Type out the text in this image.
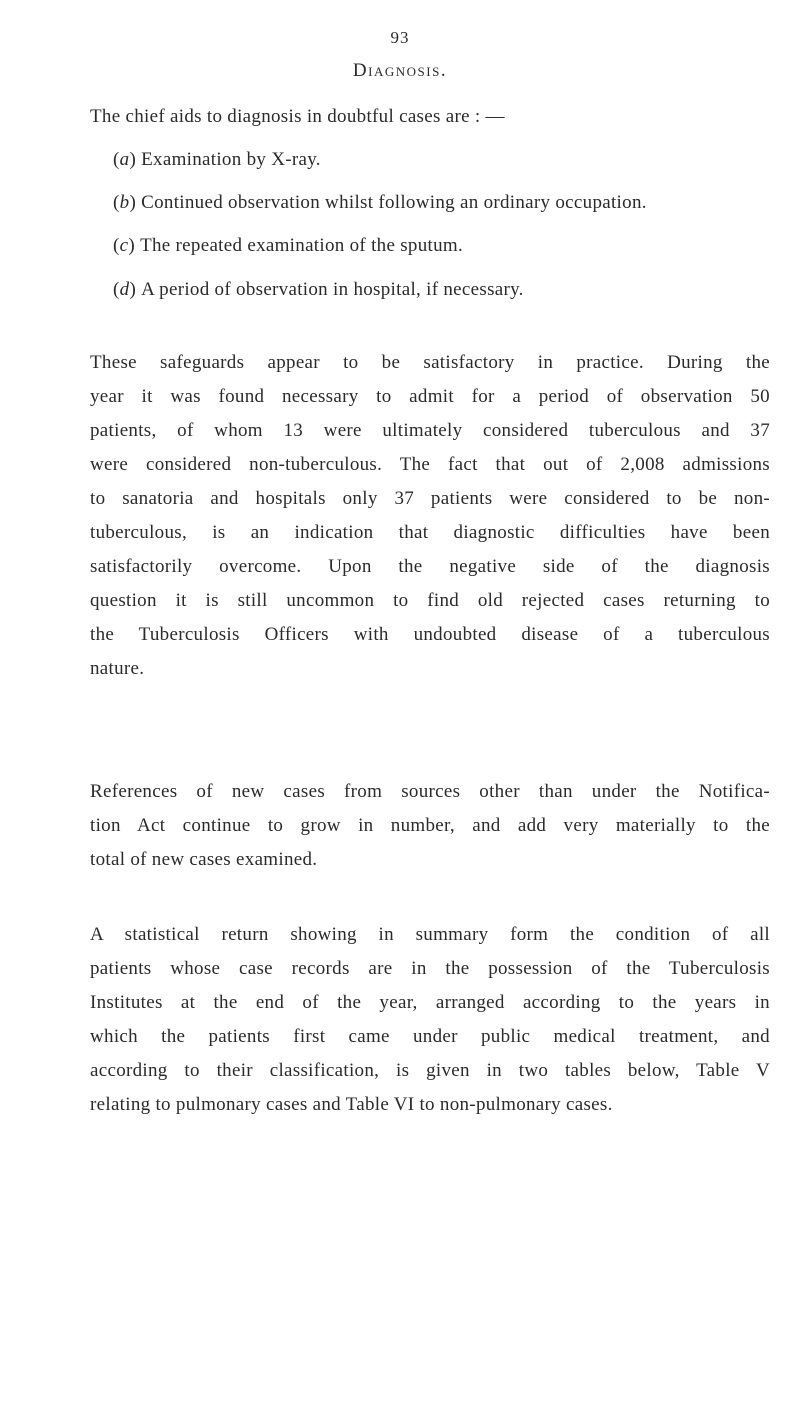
93
Diagnosis.
The chief aids to diagnosis in doubtful cases are : —
(a) Examination by X-ray.
(b) Continued observation whilst following an ordinary occupation.
(c) The repeated examination of the sputum.
(d) A period of observation in hospital, if necessary.
These safeguards appear to be satisfactory in practice. During the
year it was found necessary to admit for a period of observation 50
patients, of whom 13 were ultimately considered tuberculous and 37
were considered non-tuberculous. The fact that out of 2,008 admissions
to sanatoria and hospitals only 37 patients were considered to be non-
tuberculous, is an indication that diagnostic difficulties have been
satisfactorily overcome. Upon the negative side of the diagnosis
question it is still uncommon to find old rejected cases returning to
the Tuberculosis Officers with undoubted disease of a tuberculous
nature.
References of new cases from sources other than under the Notifica-
tion Act continue to grow in number, and add very materially to the
total of new cases examined.
A statistical return showing in summary form the condition of all
patients whose case records are in the possession of the Tuberculosis
Institutes at the end of the year, arranged according to the years in
which the patients first came under public medical treatment, and
according to their classification, is given in two tables below, Table V
relating to pulmonary cases and Table VI to non-pulmonary cases.
